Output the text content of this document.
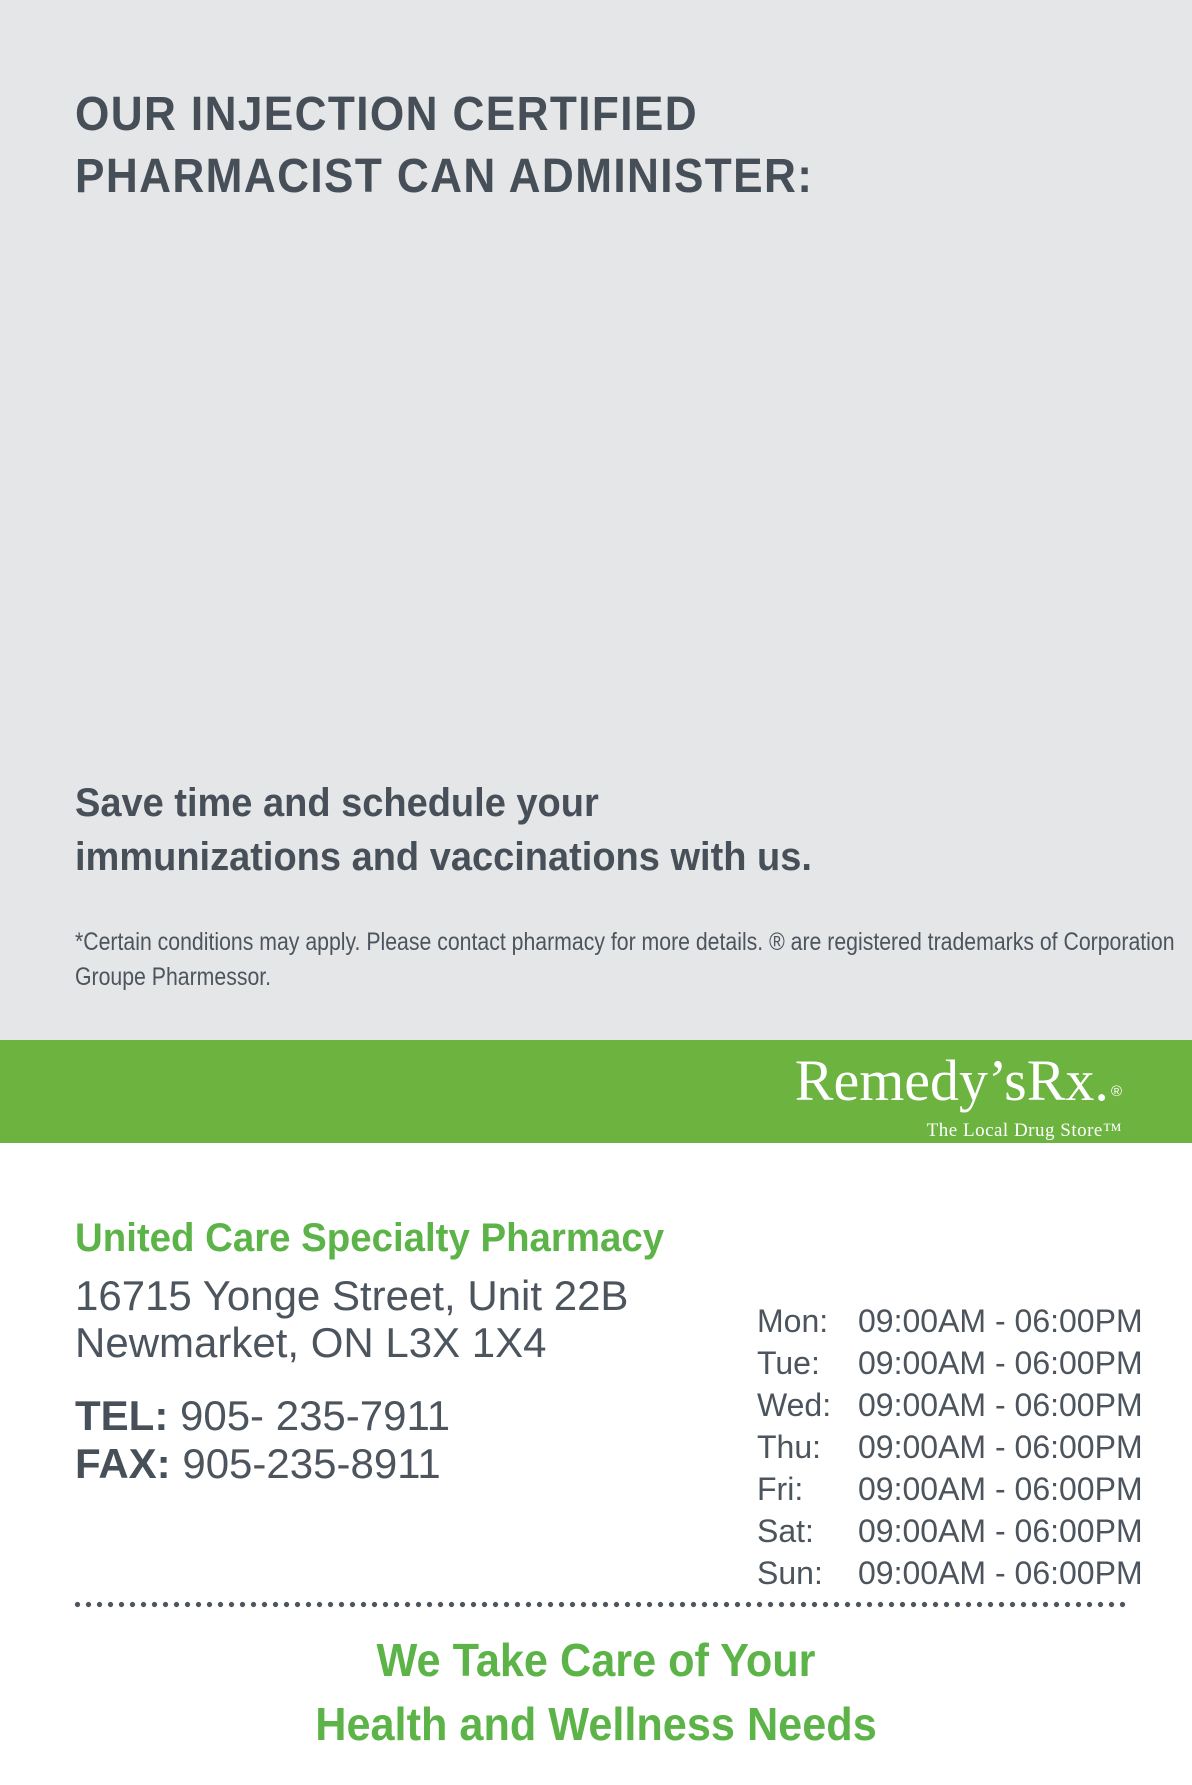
OUR INJECTION CERTIFIED
PHARMACIST CAN ADMINISTER:
Save time and schedule your
immunizations and vaccinations with us.
*Certain conditions may apply. Please contact pharmacy for more details. ® are registered trademarks of Corporation Groupe Pharmessor.
Remedy’sRx. ®
The Local Drug Store™
United Care Specialty Pharmacy
16715 Yonge Street, Unit 22B
Newmarket, ON L3X 1X4
TEL: 905- 235-7911
FAX: 905-235-8911
Mon: 09:00AM - 06:00PM
Tue:	09:00AM - 06:00PM
Wed: 09:00AM - 06:00PM
Thu:	09:00AM - 06:00PM
Fri:	09:00AM - 06:00PM
Sat:	09:00AM - 06:00PM
Sun:	09:00AM - 06:00PM
We Take Care of Your
Health and Wellness Needs
